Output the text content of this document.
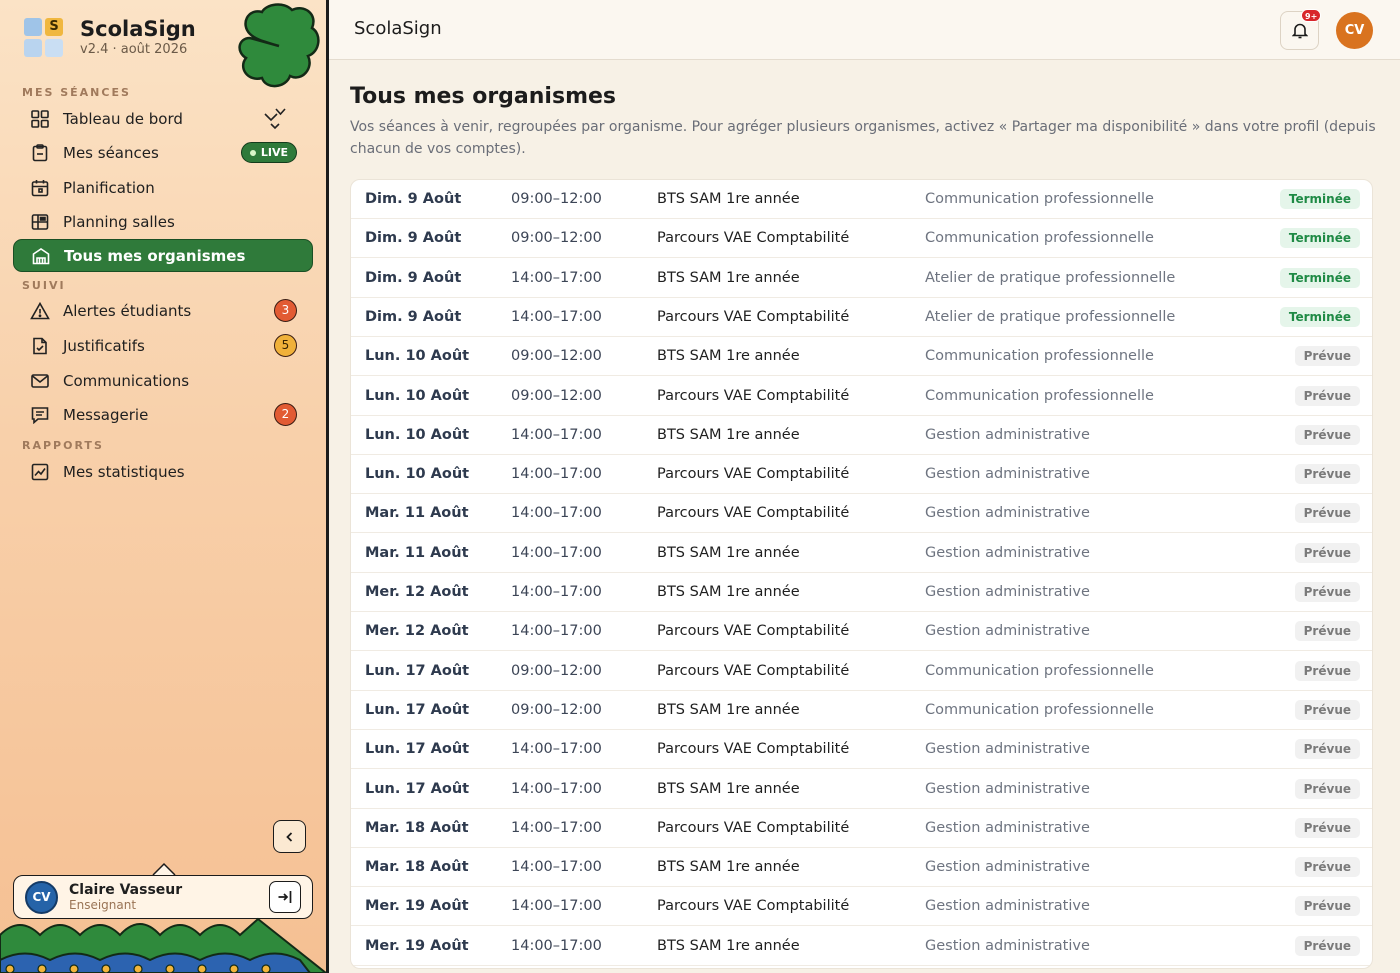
S ScolaSign
v2.4 · août 2026
MES SÉANCES
Tableau de bord
Mes séances	LIVE
Planification
Planning salles
Tous mes organismes
SUIVI
Alertes étudiants	3
Justificatifs	5
Communications
Messagerie	2
RAPPORTS
Mes statistiques
CV	Claire Vasseur
Enseignant
ScolaSign
9+
CV
Tous mes organismes

Vos séances à venir, regroupées par organisme. Pour agréger plusieurs organismes, activez « Partager ma disponibilité » dans votre profil (depuis chacun de vos comptes).

Dim. 9 Août	09:00–12:00	BTS SAM 1re année	Communication professionnelle	Terminée
Dim. 9 Août	09:00–12:00	Parcours VAE Comptabilité	Communication professionnelle	Terminée
Dim. 9 Août	14:00–17:00	BTS SAM 1re année	Atelier de pratique professionnelle	Terminée
Dim. 9 Août	14:00–17:00	Parcours VAE Comptabilité	Atelier de pratique professionnelle	Terminée
Lun. 10 Août	09:00–12:00	BTS SAM 1re année	Communication professionnelle	Prévue
Lun. 10 Août	09:00–12:00	Parcours VAE Comptabilité	Communication professionnelle	Prévue
Lun. 10 Août	14:00–17:00	BTS SAM 1re année	Gestion administrative	Prévue
Lun. 10 Août	14:00–17:00	Parcours VAE Comptabilité	Gestion administrative	Prévue
Mar. 11 Août	14:00–17:00	Parcours VAE Comptabilité	Gestion administrative	Prévue
Mar. 11 Août	14:00–17:00	BTS SAM 1re année	Gestion administrative	Prévue
Mer. 12 Août	14:00–17:00	BTS SAM 1re année	Gestion administrative	Prévue
Mer. 12 Août	14:00–17:00	Parcours VAE Comptabilité	Gestion administrative	Prévue
Lun. 17 Août	09:00–12:00	Parcours VAE Comptabilité	Communication professionnelle	Prévue
Lun. 17 Août	09:00–12:00	BTS SAM 1re année	Communication professionnelle	Prévue
Lun. 17 Août	14:00–17:00	Parcours VAE Comptabilité	Gestion administrative	Prévue
Lun. 17 Août	14:00–17:00	BTS SAM 1re année	Gestion administrative	Prévue
Mar. 18 Août	14:00–17:00	Parcours VAE Comptabilité	Gestion administrative	Prévue
Mar. 18 Août	14:00–17:00	BTS SAM 1re année	Gestion administrative	Prévue
Mer. 19 Août	14:00–17:00	Parcours VAE Comptabilité	Gestion administrative	Prévue
Mer. 19 Août	14:00–17:00	BTS SAM 1re année	Gestion administrative	Prévue
